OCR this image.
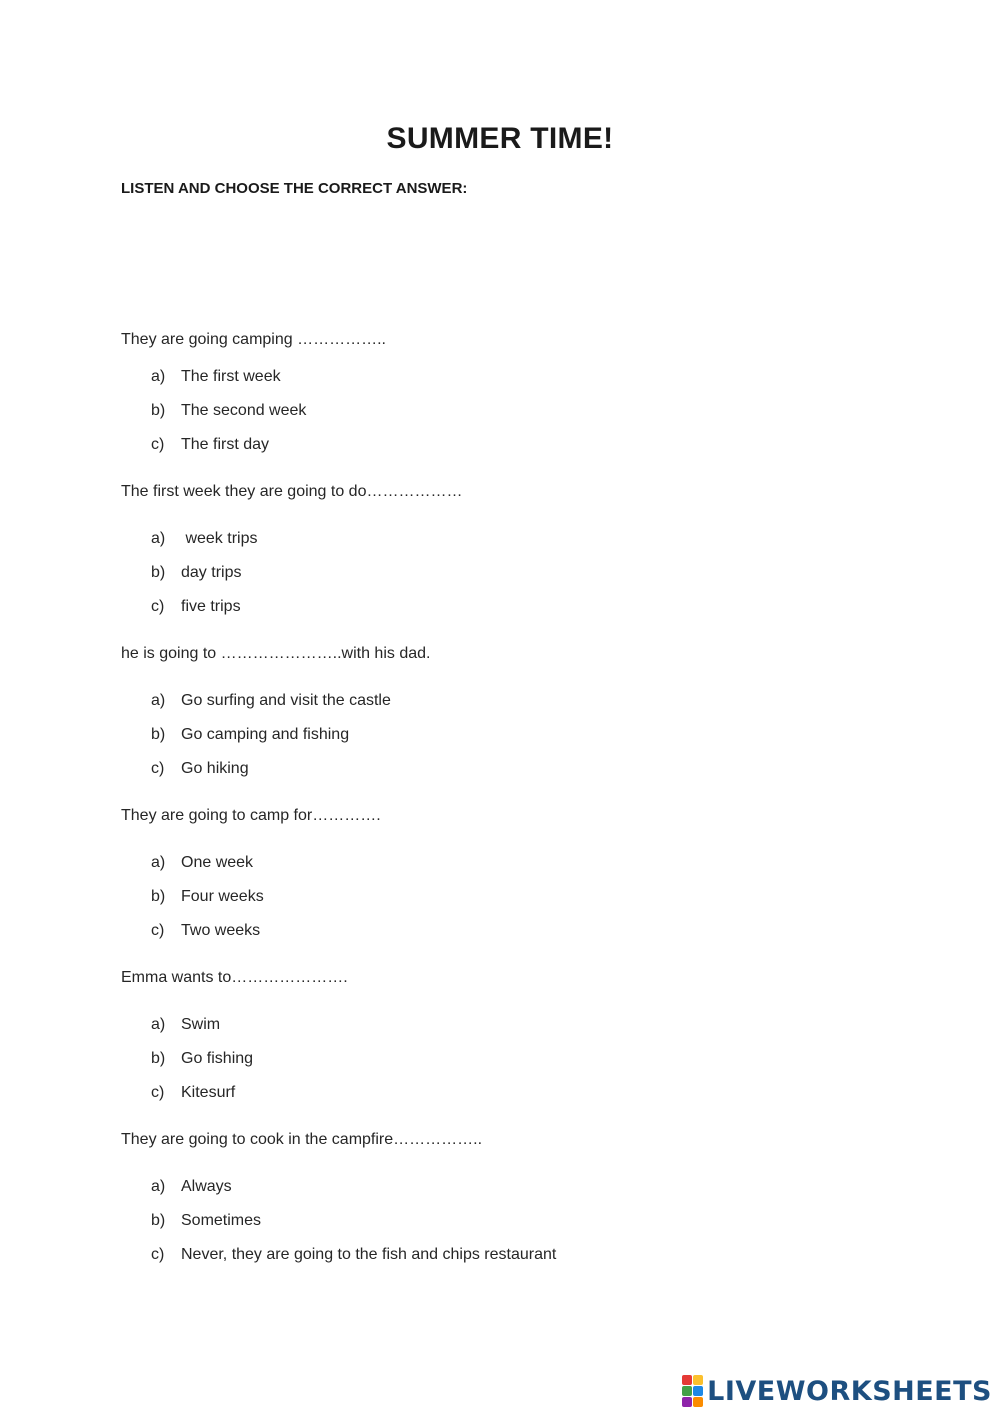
SUMMER TIME!
LISTEN AND CHOOSE THE CORRECT ANSWER:
They are going camping ……………..
a) The first week
b) The second week
c)	The first day
The first week they are going to do………………
a) week trips
b) day trips
c)	five trips
he is going to …………………..with his dad.
a) Go surfing and visit the castle
b) Go camping and fishing
c)	Go hiking
They are going to camp for………….
a) One week
b) Four weeks
c)	Two weeks
Emma wants to………………….
a) Swim
b) Go fishing
c)	Kitesurf
They are going to cook in the campfire……………..
a) Always
b) Sometimes
c)	Never, they are going to the fish and chips restaurant
LIVEWORKSHEETS
